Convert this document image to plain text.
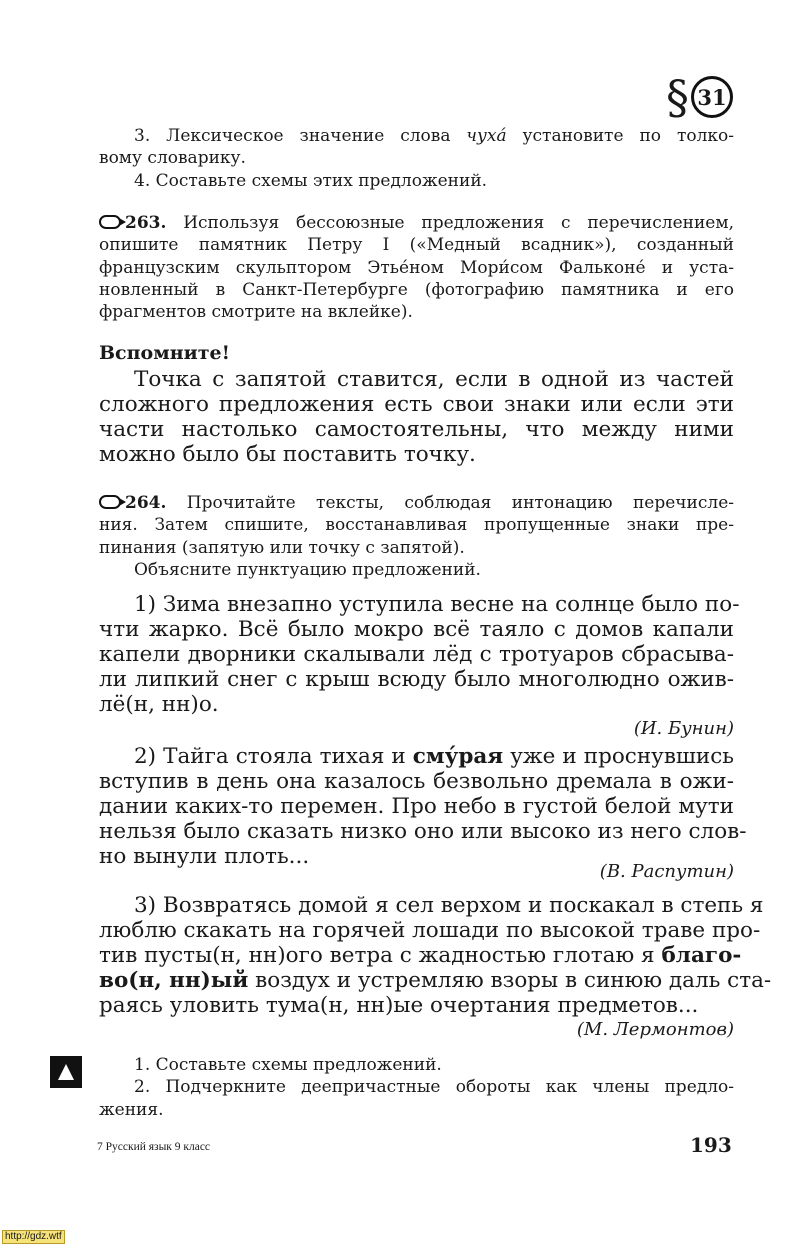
§ 31
3. Лексическое значение слова чуха́ установите по толко-
вому словарику.
4. Составьте схемы этих предложений.
263. Используя бессоюзные предложения с перечислением,
опишите памятник Петру I («Медный всадник»), созданный
французским скульптором Этье́ном Мори́сом Фальконе́ и уста-
новленный в Санкт-Петербурге (фотографию памятника и его
фрагментов смотрите на вклейке).
Вспомните!
Точка с запятой ставится, если в одной из частей
сложного предложения есть свои знаки или если эти
части настолько самостоятельны, что между ними
можно было бы поставить точку.
264. Прочитайте тексты, соблюдая интонацию перечисле-
ния. Затем спишите, восстанавливая пропущенные знаки пре-
пинания (запятую или точку с запятой).
Объясните пунктуацию предложений.
1) Зима внезапно уступила весне на солнце было по-
чти жарко. Всё было мокро всё таяло с домов капали
капели дворники скалывали лёд с тротуаров сбрасыва-
ли липкий снег с крыш всюду было многолюдно ожив-
лё(н, нн)о.
(И. Бунин)
2) Тайга стояла тихая и сму́рая уже и проснувшись
вступив в день она казалось безвольно дремала в ожи-
дании каких-то перемен. Про небо в густой белой мути
нельзя было сказать низко оно или высоко из него слов-
но вынули плоть...
(В. Распутин)
3) Возвратясь домой я сел верхом и поскакал в степь я
люблю скакать на горячей лошади по высокой траве про-
тив пусты(н, нн)ого ветра с жадностью глотаю я благо-
во(н, нн)ый воздух и устремляю взоры в синюю даль ста-
раясь уловить тума(н, нн)ые очертания предметов...
(М. Лермонтов)
1. Составьте схемы предложений.
2. Подчеркните деепричастные обороты как члены предло-
жения.
7 Русский язык 9 класс	193
http://gdz.wtf
